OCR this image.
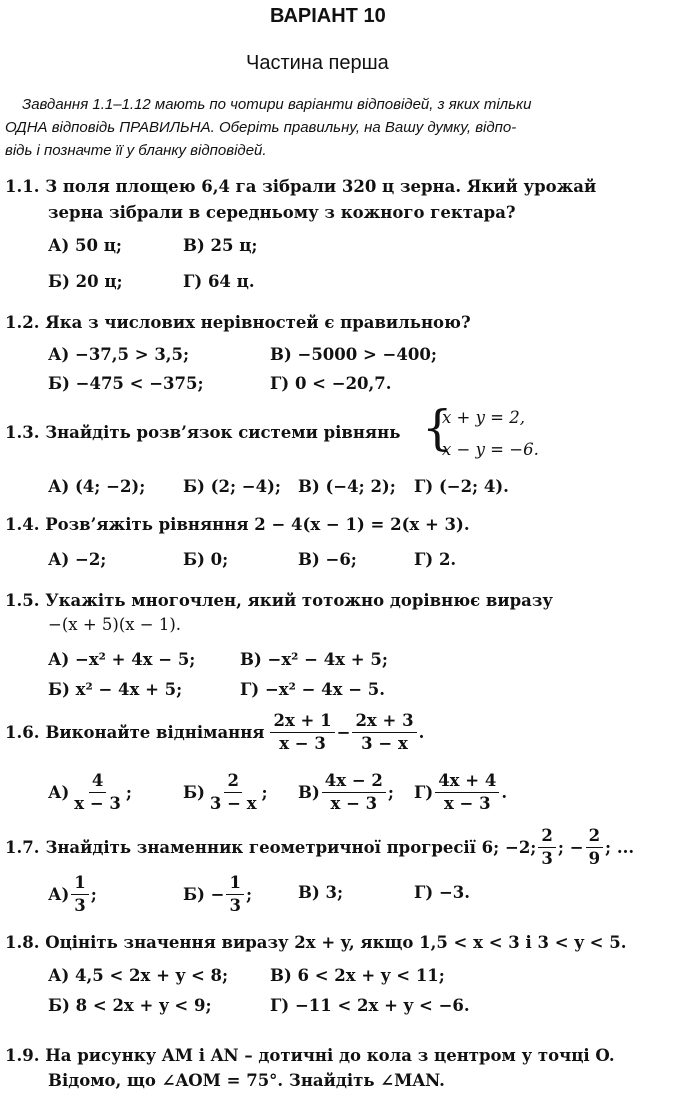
ВАРІАНТ 10
Частина перша
Завдання 1.1–1.12 мають по чотири варіанти відповідей, з яких тільки
ОДНА відповідь ПРАВИЛЬНА. Оберіть правильну, на Вашу думку, відпо-
відь і позначте її у бланку відповідей.
1.1. З поля площею 6,4 га зібрали 320 ц зерна. Який урожай
зерна зібрали в середньому з кожного гектара?
А) 50 ц;	В) 25 ц;
Б) 20 ц;	Г) 64 ц.
1.2. Яка з числових нерівностей є правильною?
А) −37,5 > 3,5;	В) −5000 > −400;
Б) −475 < −375;	Г) 0 < −20,7.
1.3. Знайдіть розв’язок системи рівнянь {
x + y = 2,
x − y = −6.
А) (4; −2); Б) (2; −4); В) (−4; 2); Г) (−2; 4).
1.4. Розв’яжіть рівняння 2 − 4(x − 1) = 2(x + 3).
А) −2;	Б) 0;	В) −6;	Г) 2.
1.5. Укажіть многочлен, який тотожно дорівнює виразу
−(x + 5)(x − 1).
А) −x² + 4x − 5;	В) −x² − 4x + 5;
Б) x² − 4x + 5;	Г) −x² − 4x − 5.
1.6. Виконайте віднімання $\frac{2x + 1}{x - 3} - \frac{2x + 3}{3 - x}$ .
$А) \frac{4}{x - 3}$ ;	$Б) \frac{2}{3 - x}$ ; $В) \frac{4x - 2}{x - 3}$ ; $Г) \frac{4x + 4}{x - 3}$ .
1.7. Знайдіть знаменник геометричної прогресії 6; −2; $\frac{2}{3}$ ; − $\frac{2}{9}$ ; ...
$А) \frac{1}{3}$ ;	$Б) - \frac{1}{3}$ ;	В) 3;	Г) −3.
1.8. Оцініть значення виразу 2x + y, якщо 1,5 < x < 3 і 3 < y < 5.
А) 4,5 < 2x + y < 8;	В) 6 < 2x + y < 11;
Б) 8 < 2x + y < 9;	Г) −11 < 2x + y < −6.
1.9. На рисунку AM і AN – дотичні до кола з центром у точці O.
Відомо, що ∠AOM = 75°. Знайдіть ∠MAN.
